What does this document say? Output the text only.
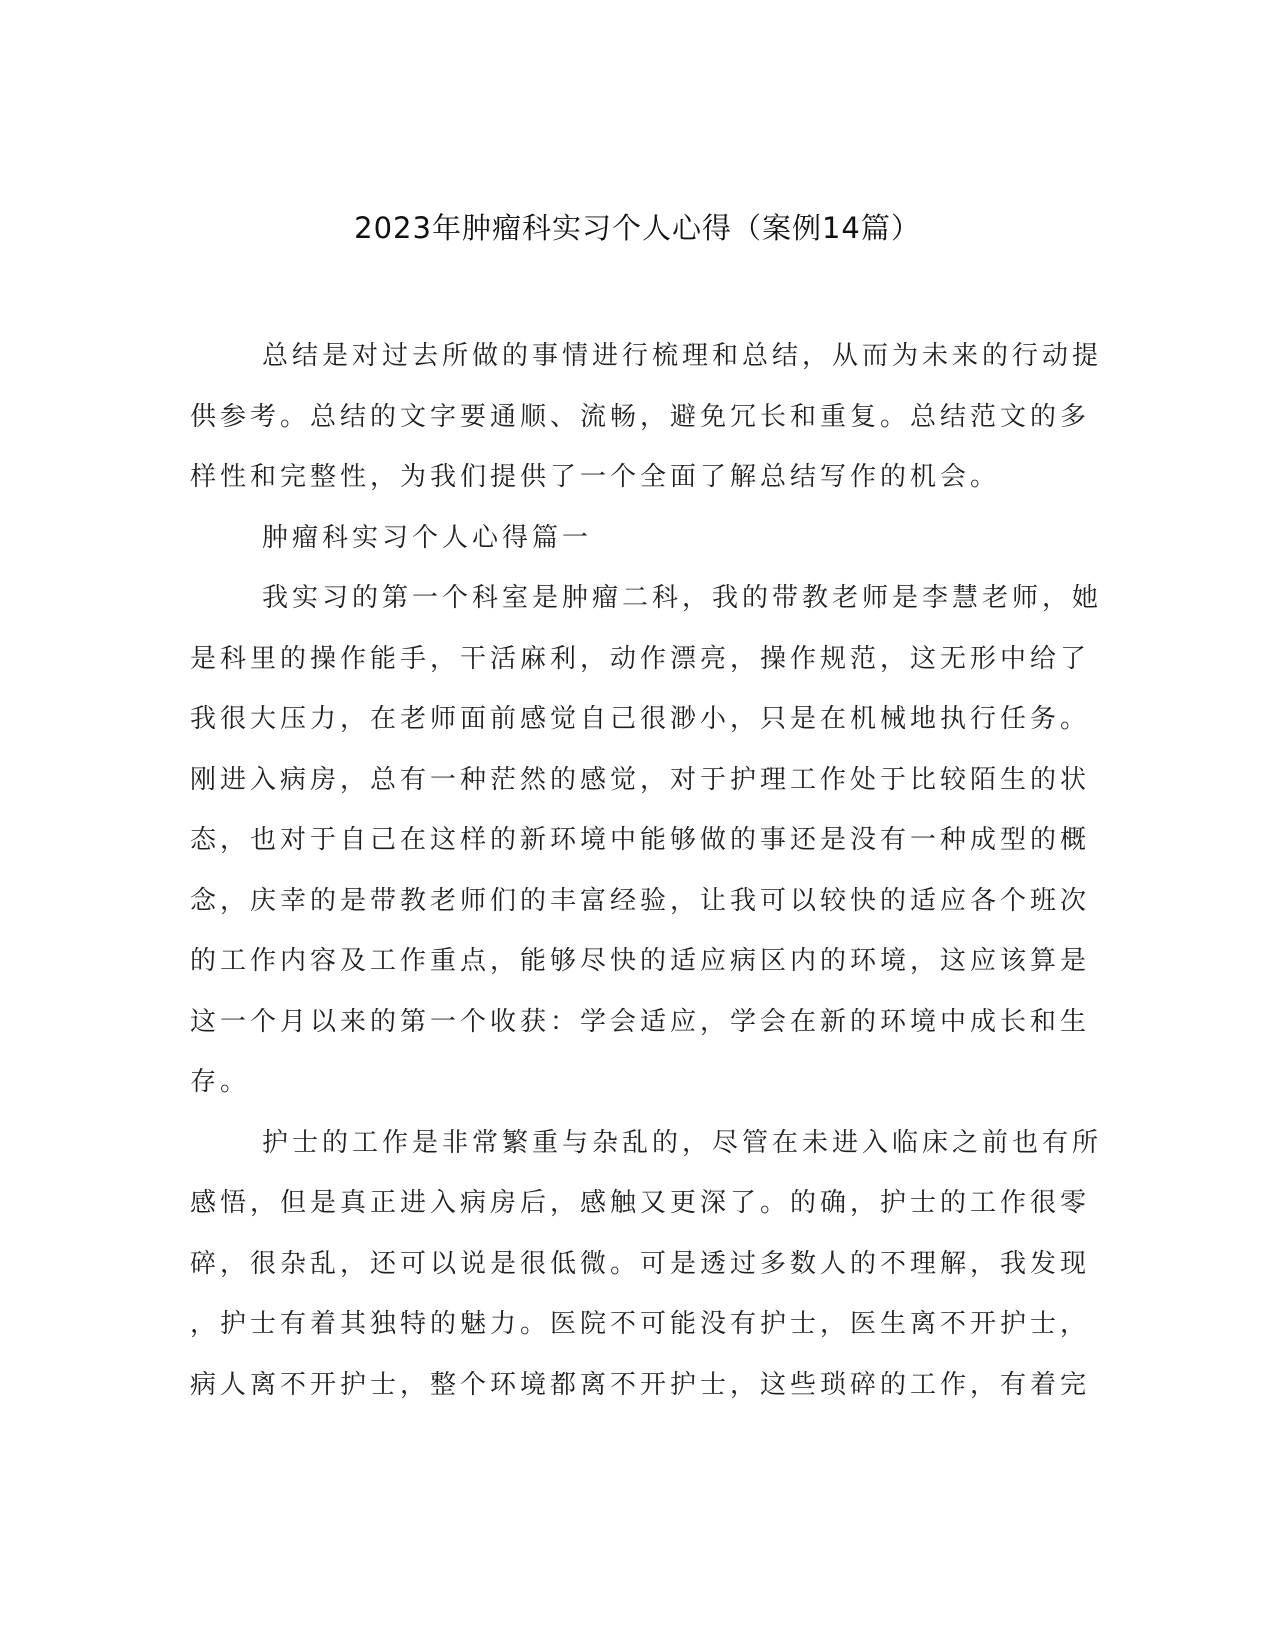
2023年肿瘤科实习个人心得（案例14篇）
总结是对过去所做的事情进行梳理和总结，从而为未来的行动提
供参考。总结的文字要通顺、流畅，避免冗长和重复。总结范文的多
样性和完整性，为我们提供了一个全面了解总结写作的机会。
肿瘤科实习个人心得篇一
我实习的第一个科室是肿瘤二科，我的带教老师是李慧老师，她
是科里的操作能手，干活麻利，动作漂亮，操作规范，这无形中给了
我很大压力，在老师面前感觉自己很渺小，只是在机械地执行任务。
刚进入病房，总有一种茫然的感觉，对于护理工作处于比较陌生的状
态，也对于自己在这样的新环境中能够做的事还是没有一种成型的概
念，庆幸的是带教老师们的丰富经验，让我可以较快的适应各个班次
的工作内容及工作重点，能够尽快的适应病区内的环境，这应该算是
这一个月以来的第一个收获：学会适应，学会在新的环境中成长和生
存。
护士的工作是非常繁重与杂乱的，尽管在未进入临床之前也有所
感悟，但是真正进入病房后，感触又更深了。的确，护士的工作很零
碎，很杂乱，还可以说是很低微。可是透过多数人的不理解，我发现
，护士有着其独特的魅力。医院不可能没有护士，医生离不开护士，
病人离不开护士，整个环境都离不开护士，这些琐碎的工作，有着完
